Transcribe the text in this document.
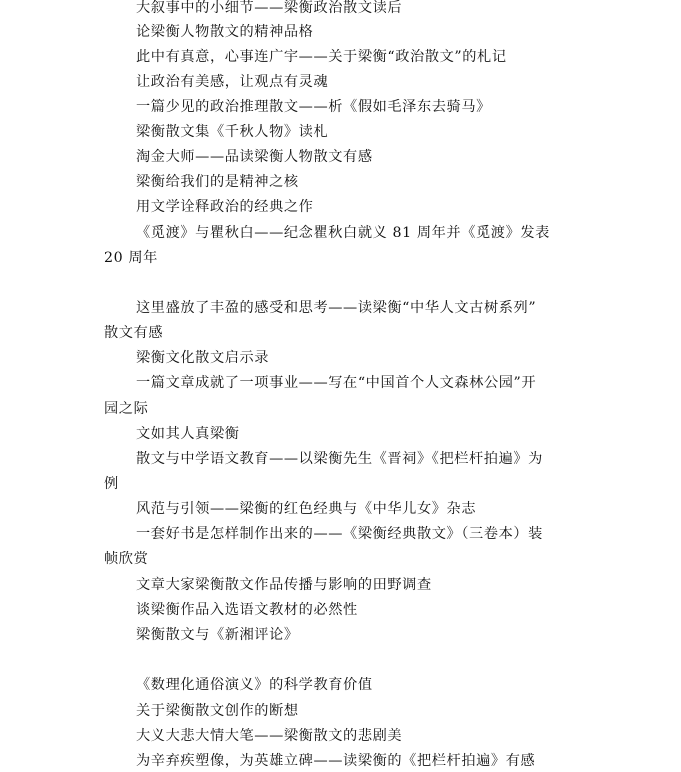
大叙事中的小细节——梁衡政治散文读后
论梁衡人物散文的精神品格
此中有真意，心事连广宇——关于梁衡“政治散文”的札记
让政治有美感，让观点有灵魂
一篇少见的政治推理散文——析《假如毛泽东去骑马》
梁衡散文集《千秋人物》读札
淘金大师——品读梁衡人物散文有感
梁衡给我们的是精神之核
用文学诠释政治的经典之作
《觅渡》与瞿秋白——纪念瞿秋白就义 81 周年并《觅渡》发表
20 周年
这里盛放了丰盈的感受和思考——读梁衡“中华人文古树系列”
散文有感
梁衡文化散文启示录
一篇文章成就了一项事业——写在“中国首个人文森林公园”开
园之际
文如其人真梁衡
散文与中学语文教育——以梁衡先生《晋祠》《把栏杆拍遍》为
例
风范与引领——梁衡的红色经典与《中华儿女》杂志
一套好书是怎样制作出来的——《梁衡经典散文》（三卷本）装
帧欣赏
文章大家梁衡散文作品传播与影响的田野调查
谈梁衡作品入选语文教材的必然性
梁衡散文与《新湘评论》
《数理化通俗演义》的科学教育价值
关于梁衡散文创作的断想
大义大悲大情大笔——梁衡散文的悲剧美
为辛弃疾塑像，为英雄立碑——读梁衡的《把栏杆拍遍》有感
